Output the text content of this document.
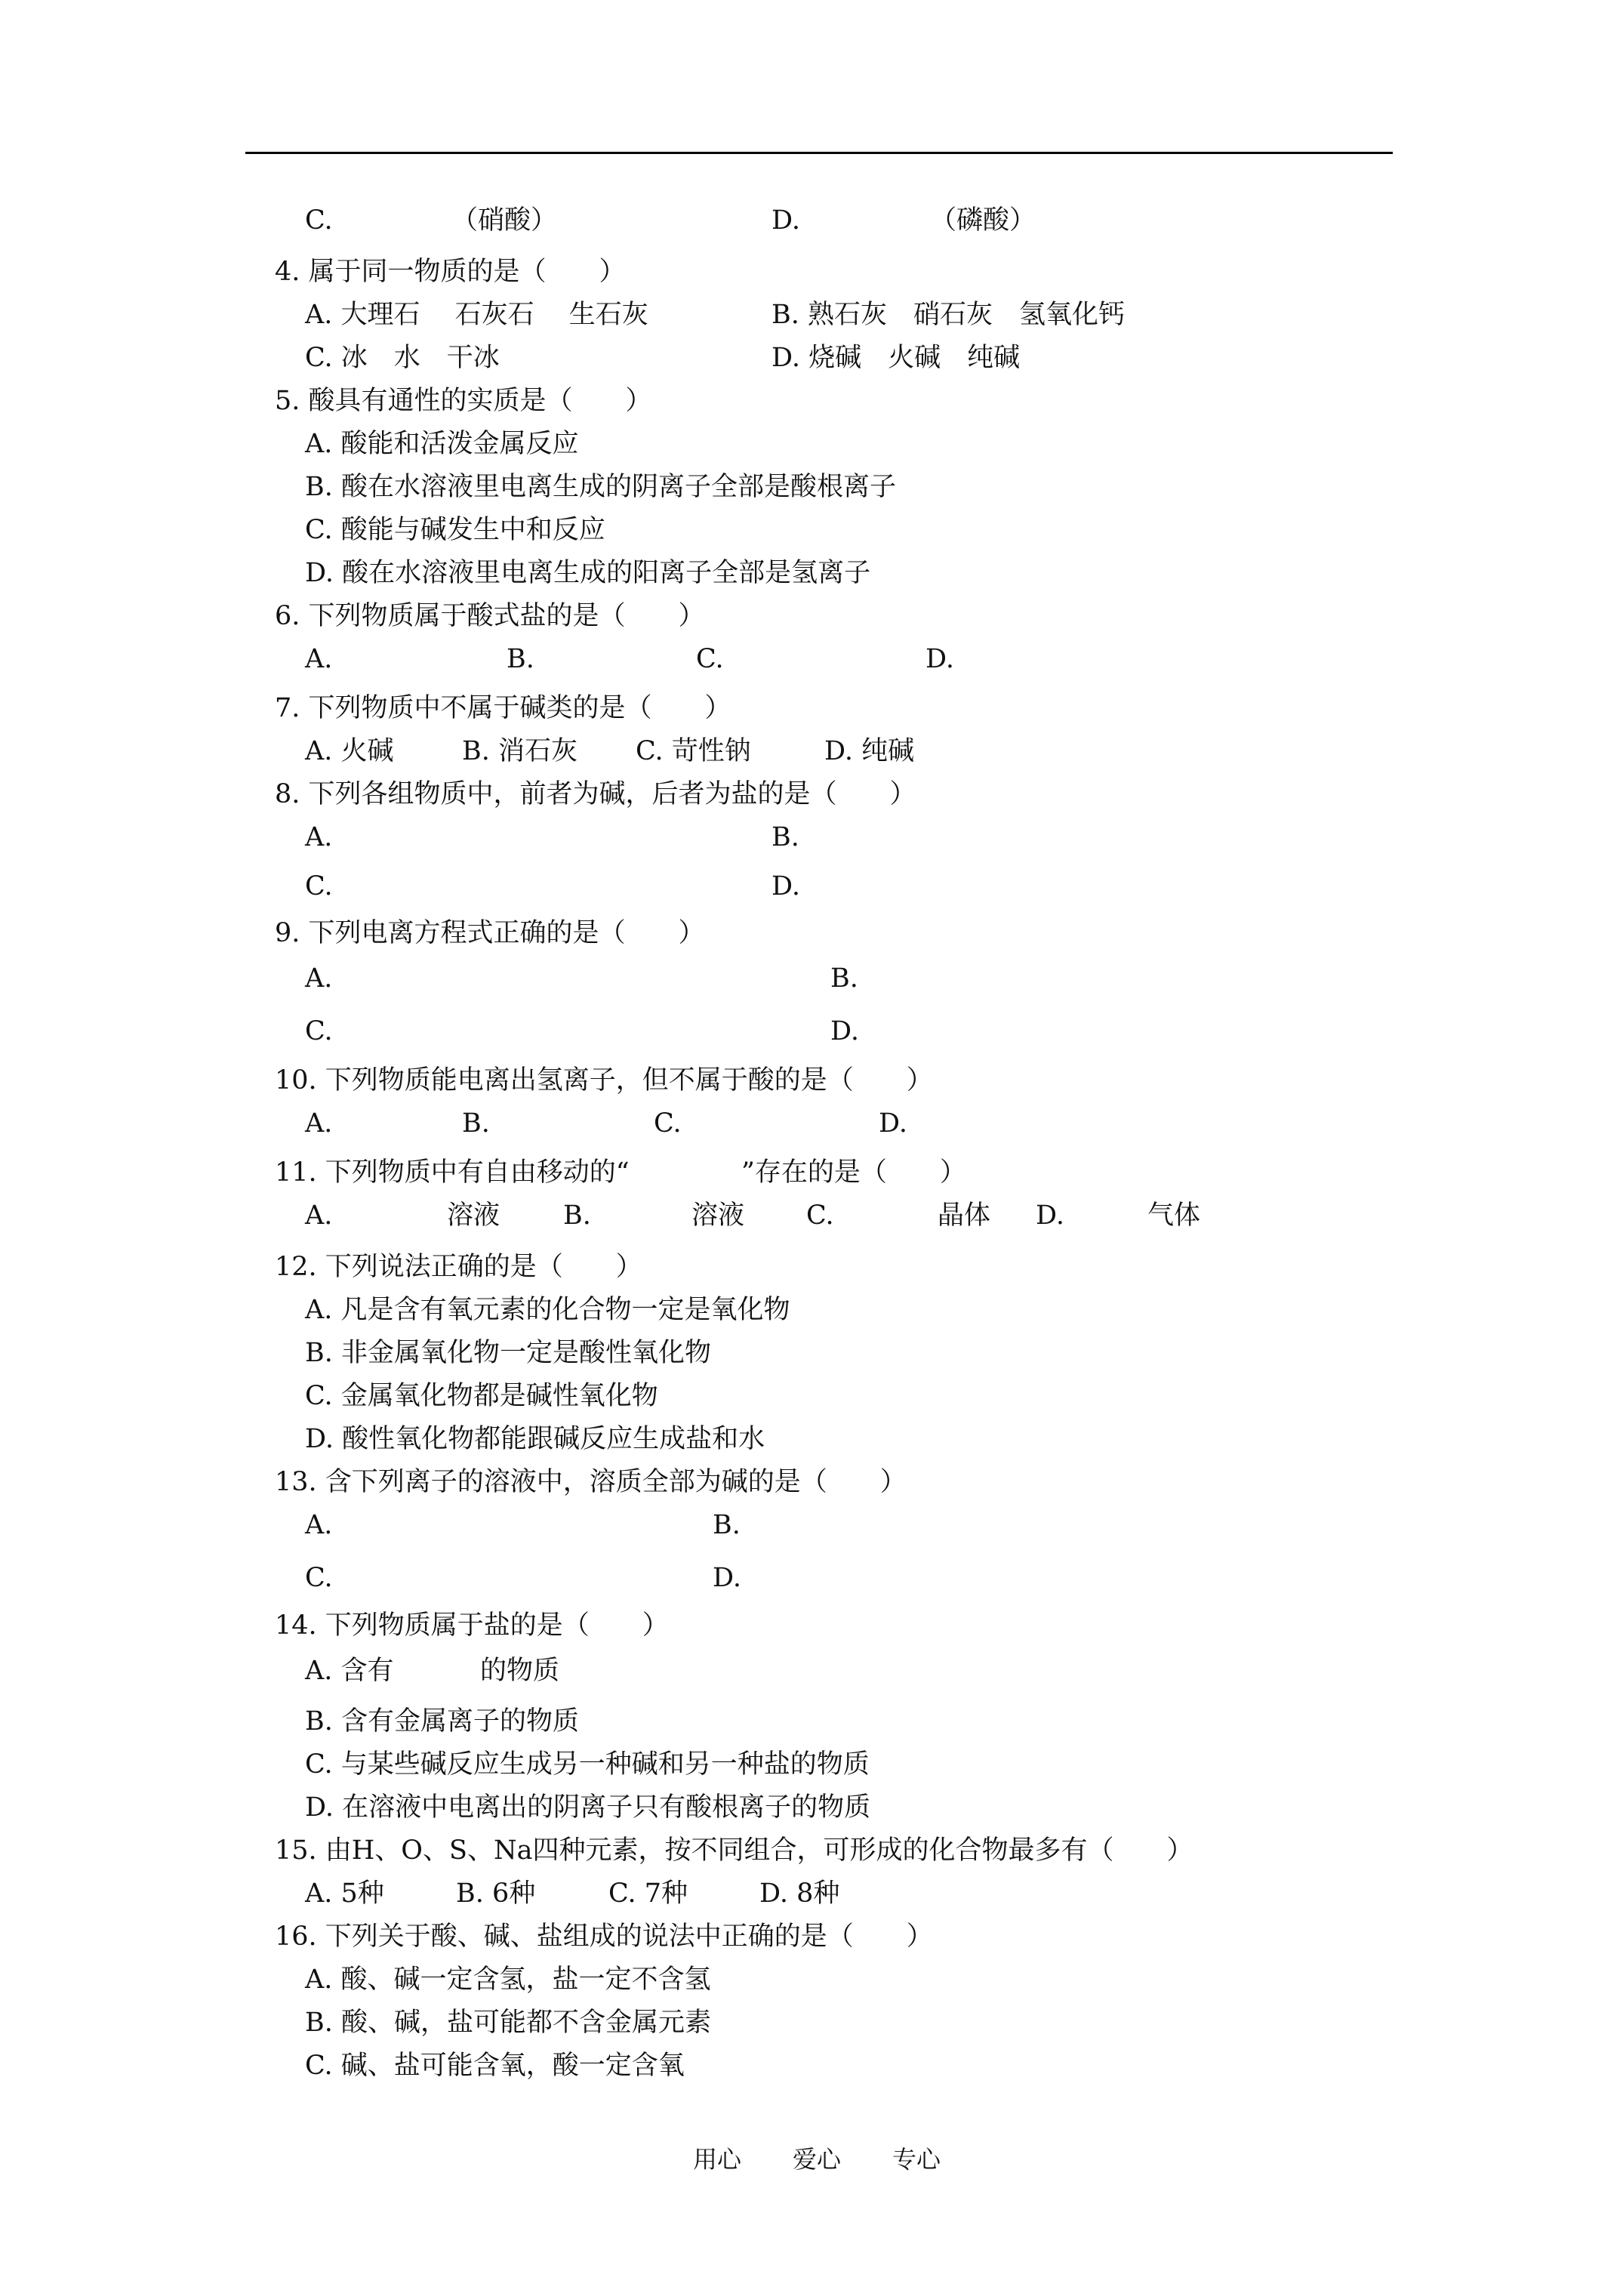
C.	（硝酸）	D.	（磷酸）
4. 属于同一物质的是（　　）
A. 大理石　 石灰石　 生石灰	B. 熟石灰　硝石灰　氢氧化钙
C. 冰　水　干冰	D. 烧碱　火碱　纯碱
5. 酸具有通性的实质是（　　）
A. 酸能和活泼金属反应
B. 酸在水溶液里电离生成的阴离子全部是酸根离子
C. 酸能与碱发生中和反应
D. 酸在水溶液里电离生成的阳离子全部是氢离子
6. 下列物质属于酸式盐的是（　　）
A.	B.	C.	D.
7. 下列物质中不属于碱类的是（　　）
A. 火碱	B. 消石灰 C. 苛性钠	D. 纯碱
8. 下列各组物质中，前者为碱，后者为盐的是（　　）
A.	B.
C.	D.
9. 下列电离方程式正确的是（　　）
A.	B.
C.	D.
10. 下列物质能电离出氢离子，但不属于酸的是（　　）
A.	B.	C.	D.
11. 下列物质中有自由移动的“	”存在的是（　　）
A.	溶液 B.	溶液 C.	晶体 D.	气体
12. 下列说法正确的是（　　）
A. 凡是含有氧元素的化合物一定是氧化物
B. 非金属氧化物一定是酸性氧化物
C. 金属氧化物都是碱性氧化物
D. 酸性氧化物都能跟碱反应生成盐和水
13. 含下列离子的溶液中，溶质全部为碱的是（　　）
A.	B.
C.	D.
14. 下列物质属于盐的是（　　）
A. 含有	的物质
B. 含有金属离子的物质
C. 与某些碱反应生成另一种碱和另一种盐的物质
D. 在溶液中电离出的阴离子只有酸根离子的物质
15. 由H、O、S、Na四种元素，按不同组合，可形成的化合物最多有（　　）
A. 5种	B. 6种	C. 7种	D. 8种
16. 下列关于酸、碱、盐组成的说法中正确的是（　　）
A. 酸、碱一定含氢，盐一定不含氢
B. 酸、碱，盐可能都不含金属元素
C. 碱、盐可能含氧，酸一定含氧
用心 爱心 专心
